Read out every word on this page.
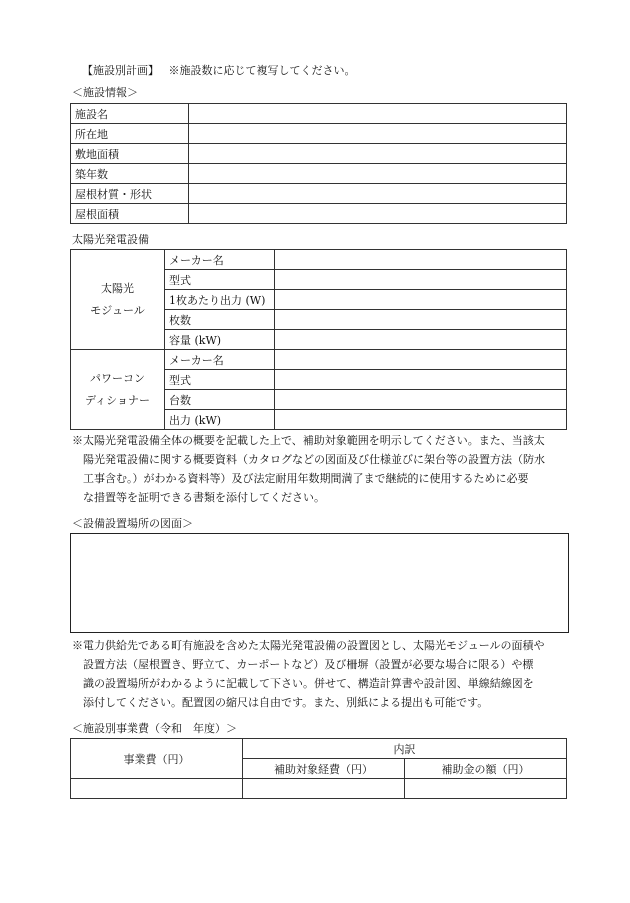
【施設別計画】 ※施設数に応じて複写してください。
＜施設情報＞
施設名	
所在地	
敷地面積	
築年数	
屋根材質・形状	
屋根面積	
太陽光発電設備
太陽光
モジュール	メーカー名	
	型式	
	1枚あたり出力 (W)	
	枚数	
	容量 (kW)	

パワーコン
ディショナー	メーカー名	
	型式	
	台数	
	出力 (kW)	
※太陽光発電設備全体の概要を記載した上で、補助対象範囲を明示してください。また、当該太
陽光発電設備に関する概要資料（カタログなどの図面及び仕様並びに架台等の設置方法（防水
工事含む。）がわかる資料等）及び法定耐用年数期間満了まで継続的に使用するために必要
な措置等を証明できる書類を添付してください。
＜設備設置場所の図面＞
※電力供給先である町有施設を含めた太陽光発電設備の設置図とし、太陽光モジュールの面積や
設置方法（屋根置き、野立て、カーポートなど）及び柵塀（設置が必要な場合に限る）や標
識の設置場所がわかるように記載して下さい。併せて、構造計算書や設計図、単線結線図を
添付してください。配置図の縮尺は自由です。また、別紙による提出も可能です。
＜施設別事業費（令和　年度）＞
事業費（円）	内訳	
	補助対象経費（円）	補助金の額（円）
